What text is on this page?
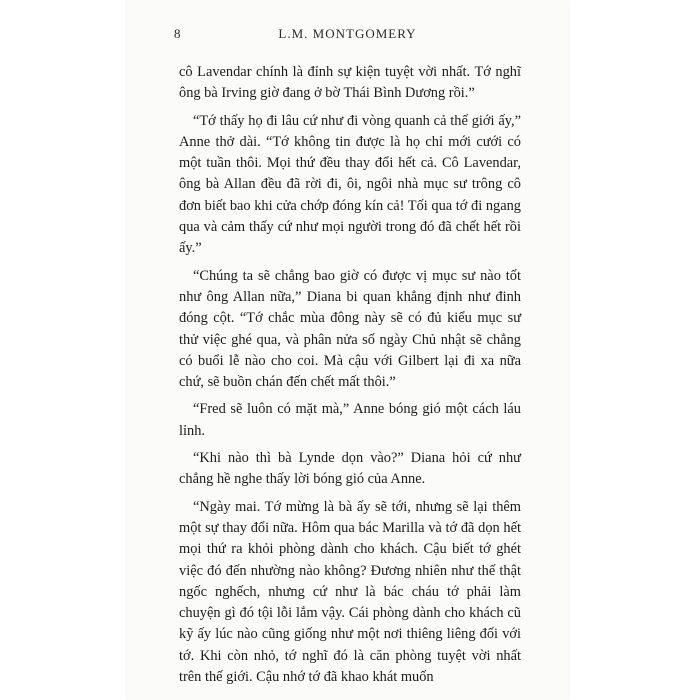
8	L.M. MONTGOMERY

cô Lavendar chính là đỉnh sự kiện tuyệt vời nhất. Tớ nghĩ ông bà Irving giờ đang ở bờ Thái Bình Dương rồi.”

“Tớ thấy họ đi lâu cứ như đi vòng quanh cả thế giới ấy,” Anne thở dài. “Tớ không tin được là họ chỉ mới cưới có một tuần thôi. Mọi thứ đều thay đổi hết cả. Cô Lavendar, ông bà Allan đều đã rời đi, ôi, ngôi nhà mục sư trông cô đơn biết bao khi cửa chớp đóng kín cả! Tối qua tớ đi ngang qua và cảm thấy cứ như mọi người trong đó đã chết hết rồi ấy.”

“Chúng ta sẽ chẳng bao giờ có được vị mục sư nào tốt như ông Allan nữa,” Diana bi quan khẳng định như đinh đóng cột. “Tớ chắc mùa đông này sẽ có đủ kiểu mục sư thử việc ghé qua, và phân nửa số ngày Chủ nhật sẽ chẳng có buổi lễ nào cho coi. Mà cậu với Gilbert lại đi xa nữa chứ, sẽ buồn chán đến chết mất thôi.”

“Fred sẽ luôn có mặt mà,” Anne bóng gió một cách láu lỉnh.

“Khi nào thì bà Lynde dọn vào?” Diana hỏi cứ như chẳng hề nghe thấy lời bóng gió của Anne.

“Ngày mai. Tớ mừng là bà ấy sẽ tới, nhưng sẽ lại thêm một sự thay đổi nữa. Hôm qua bác Marilla và tớ đã dọn hết mọi thứ ra khỏi phòng dành cho khách. Cậu biết tớ ghét việc đó đến nhường nào không? Đương nhiên như thế thật ngốc nghếch, nhưng cứ như là bác cháu tớ phải làm chuyện gì đó tội lỗi lắm vậy. Cái phòng dành cho khách cũ kỹ ấy lúc nào cũng giống như một nơi thiêng liêng đối với tớ. Khi còn nhỏ, tớ nghĩ đó là căn phòng tuyệt vời nhất trên thế giới. Cậu nhớ tớ đã khao khát muốn
